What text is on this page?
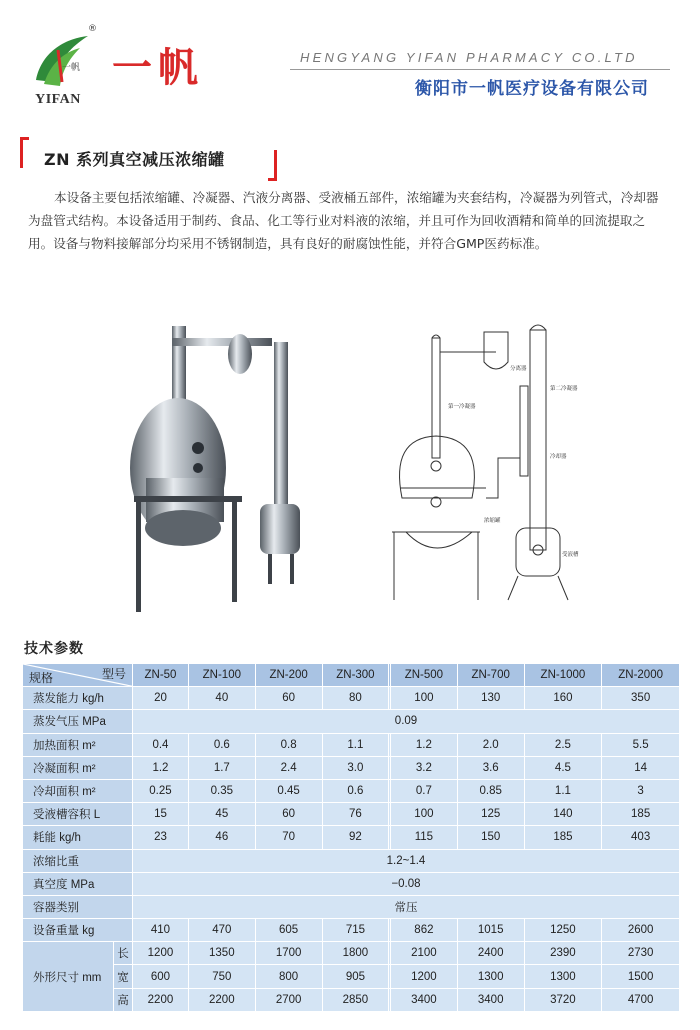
一帆
®
YIFAN
一帆	HENGYANG YIFAN PHARMACY CO.LTD
衡阳市一帆医疗设备有限公司
ZN 系列真空减压浓缩罐
本设备主要包括浓缩罐、冷凝器、汽液分离器、受液桶五部件，浓缩罐为夹套结构，冷凝器为列管式，冷却器为盘管式结构。本设备适用于制药、食品、化工等行业对料液的浓缩，并且可作为回收酒精和简单的回流提取之用。设备与物料接解部分均采用不锈钢制造，具有良好的耐腐蚀性能，并符合GMP医药标准。
分离器
第一冷凝器
第二冷凝器
冷却器
浓缩罐
受液槽
技术参数
型号
规格		ZN-50	ZN-100	ZN-200	ZN-300		ZN-500	ZN-700	ZN-1000	ZN-2000
蒸发能力 kg/h		20	40	60	80		100	130	160	350
蒸发气压 MPa		0.09								
加热面积 m²		0.4	0.6	0.8	1.1		1.2	2.0	2.5	5.5
冷凝面积 m²		1.2	1.7	2.4	3.0		3.2	3.6	4.5	14
冷却面积 m²		0.25	0.35	0.45	0.6		0.7	0.85	1.1	3
受液槽容积 L		15	45	60	76		100	125	140	185
耗能 kg/h		23	46	70	92		115	150	185	403
浓缩比重		1.2~1.4								
真空度 MPa		−0.08								
容器类别		常压								
设备重量 kg		410	470	605	715		862	1015	1250	2600
外形尺寸 mm	长	1200	1350	1700	1800		2100	2400	2390	2730
	宽	600	750	800	905		1200	1300	1300	1500
	高	2200	2200	2700	2850		3400	3400	3720	4700
